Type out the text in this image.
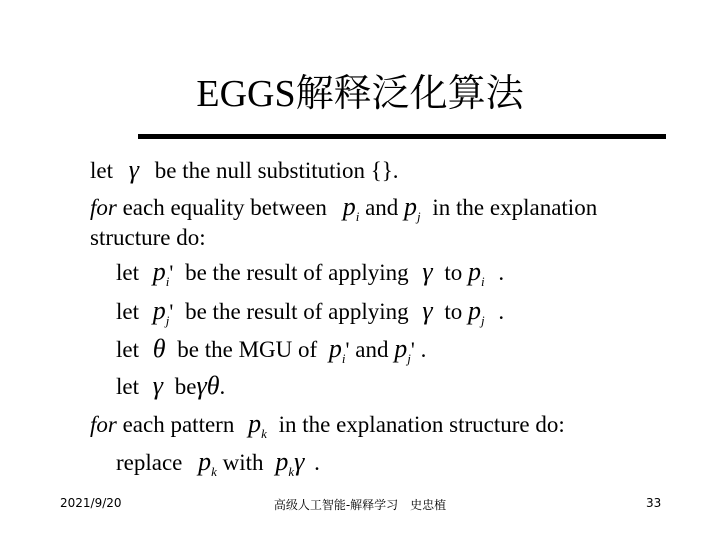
EGGS解释泛化算法
let γ be the null substitution {}.
for each equality between $p_i$ and $p_j$ in the explanation
structure do:
let $p_i'$ be the result of applying γ to $p_i$ .
let $p_j'$ be the result of applying γ to $p_j$ .
let θ be the MGU of $p_i'$ and $p_j'$ .
let γ beγθ.
for each pattern $p_k$ in the explanation structure do:
replace $p_k$ with $p_k\gamma$ .
2021/9/20	高级人工智能-解释学习　史忠植	33
